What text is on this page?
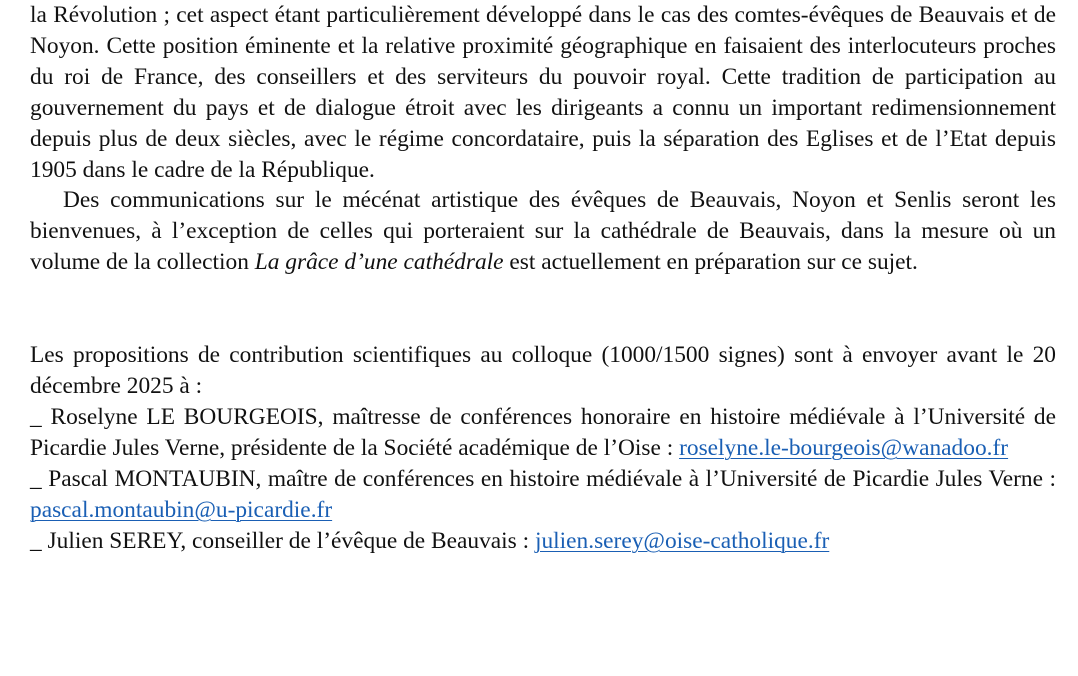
la Révolution ; cet aspect étant particulièrement développé dans le cas des comtes-évêques de Beauvais et de Noyon. Cette position éminente et la relative proximité géographique en faisaient des interlocuteurs proches du roi de France, des conseillers et des serviteurs du pouvoir royal. Cette tradition de participation au gouvernement du pays et de dialogue étroit avec les dirigeants a connu un important redimensionnement depuis plus de deux siècles, avec le régime concordataire, puis la séparation des Eglises et de l’Etat depuis 1905 dans le cadre de la République.

Des communications sur le mécénat artistique des évêques de Beauvais, Noyon et Senlis seront les bienvenues, à l’exception de celles qui porteraient sur la cathédrale de Beauvais, dans la mesure où un volume de la collection La grâce d’une cathédrale est actuellement en préparation sur ce sujet.

Les propositions de contribution scientifiques au colloque (1000/1500 signes) sont à envoyer avant le 20 décembre 2025 à :

_ Roselyne LE BOURGEOIS, maîtresse de conférences honoraire en histoire médiévale à l’Université de Picardie Jules Verne, présidente de la Société académique de l’Oise : roselyne.le-bourgeois@wanadoo.fr

_ Pascal MONTAUBIN, maître de conférences en histoire médiévale à l’Université de Picardie Jules Verne : pascal.montaubin@u-picardie.fr

_ Julien SEREY, conseiller de l’évêque de Beauvais : julien.serey@oise-catholique.fr
